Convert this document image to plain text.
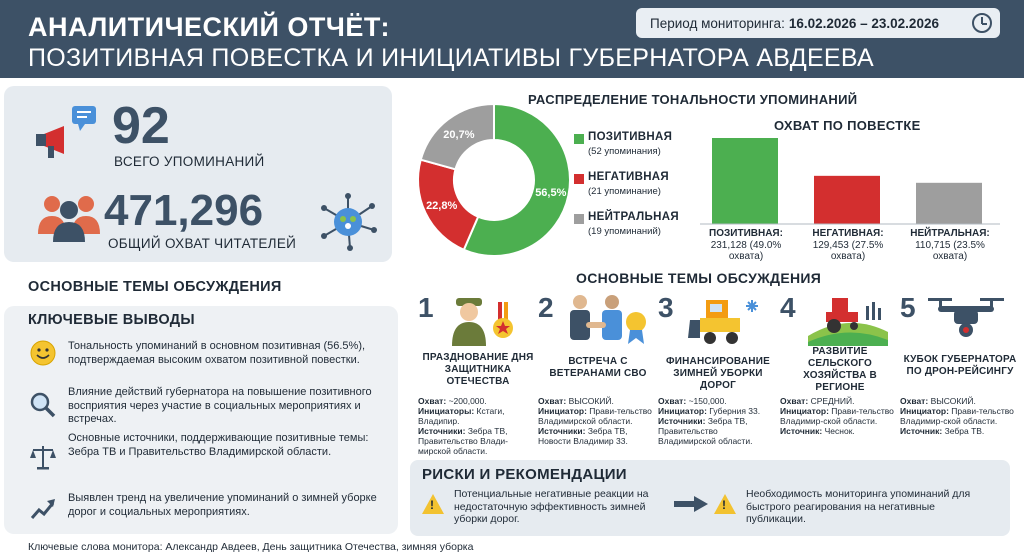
АНАЛИТИЧЕСКИЙ ОТЧЁТ:
ПОЗИТИВНАЯ ПОВЕСТКА И ИНИЦИАТИВЫ ГУБЕРНАТОРА АВДЕЕВА
Период мониторинга: 16.02.2026 – 23.02.2026
92
ВСЕГО УПОМИНАНИЙ
471,296
ОБЩИЙ ОХВАТ ЧИТАТЕЛЕЙ
ОСНОВНЫЕ ТЕМЫ ОБСУЖДЕНИЯ
КЛЮЧЕВЫЕ ВЫВОДЫ
Тональность упоминаний в основном позитивная (56.5%), подтверждаемая высоким охватом позитивной повестки.
Влияние действий губернатора на повышение позитивного восприятия через участие в социальных мероприятиях и встречах.
Основные источники, поддерживающие позитивные темы: Зебра ТВ и Правительство Владимирской области.
Выявлен тренд на увеличение упоминаний о зимней уборке дорог и социальных мероприятиях.
РАСПРЕДЕЛЕНИЕ ТОНАЛЬНОСТИ УПОМИНАНИЙ
56,5%
22,8%
20,7%	ПОЗИТИВНАЯ
(52 упоминания)
НЕГАТИВНАЯ
(21 упоминание)
НЕЙТРАЛЬНАЯ
(19 упоминаний)
ОХВАТ ПО ПОВЕСТКЕ
ПОЗИТИВНАЯ:
231,128 (49.0% охвата)
НЕГАТИВНАЯ:
129,453 (27.5% охвата)
НЕЙТРАЛЬНАЯ:
110,715 (23.5% охвата)
ОСНОВНЫЕ ТЕМЫ ОБСУЖДЕНИЯ
1
ПРАЗДНОВАНИЕ ДНЯ ЗАЩИТНИКА ОТЕЧЕСТВА
Охват: ~200,000.
Инициаторы: Кстаги, Владипир.
Источники: Зебра ТВ, Правительство Влади-мирской области.
2
ВСТРЕЧА С ВЕТЕРАНАМИ СВО
Охват: ВЫСОКИЙ.
Инициатор: Прави-тельство Владимирской области.
Источники: Зебра ТВ, Новости Владимир 33.
3
ФИНАНСИРОВАНИЕ ЗИМНЕЙ УБОРКИ ДОРОГ
Охват: ~150,000.
Инициатор: Губерния 33.
Источники: Зебра ТВ, Правительство Владимирской области.
4
РАЗВИТИЕ СЕЛЬСКОГО ХОЗЯЙСТВА В РЕГИОНЕ
Охват: СРЕДНИЙ.
Инициатор: Прави-тельство Владимир-ской области.
Источник: Чеснок.
5
КУБОК ГУБЕРНАТОРА ПО ДРОН-РЕЙСИНГУ
Охват: ВЫСОКИЙ.
Инициатор: Прави-тельство Владимир-ской области.
Источник: Зебра ТВ.
РИСКИ И РЕКОМЕНДАЦИИ
!
Потенциальные негативные реакции на недостаточную эффективность зимней уборки дорог.
!
Необходимость мониторинга упоминаний для быстрого реагирования на негативные публикации.
Ключевые слова монитора: Александр Авдеев, День защитника Отечества, зимняя уборка
